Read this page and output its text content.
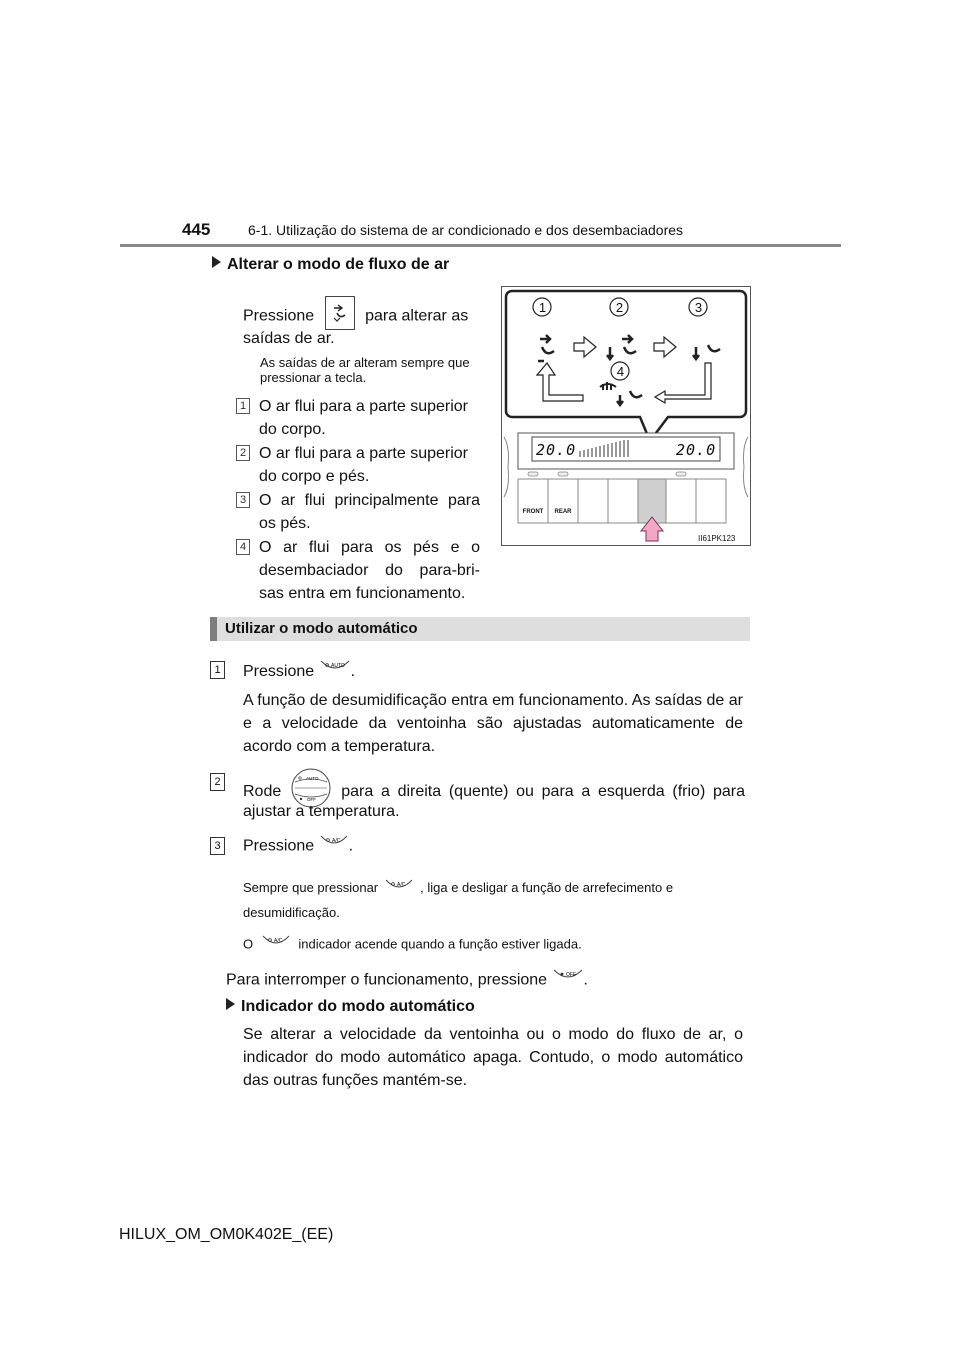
445	6-1. Utilização do sistema de ar condicionado e dos desembaciadores
Alterar o modo de fluxo de ar
Pressione	para alterar as
saídas de ar.
As saídas de ar alteram sempre que pressionar a tecla.
1 O ar flui para a parte superior
do corpo.
2 O ar flui para a parte superior
do corpo e pés.
3 O ar flui principalmente para
os pés.
4 O ar flui para os pés e o
desembaciador do para-bri-
sas entra em funcionamento.
1	2	3
4
20.0	20.0
FRONT	REAR
II61PK123
Utilizar o modo automático
1 Pressione	AUTO .
A função de desumidificação entra em funcionamento. As saídas de ar e a velocidade da ventoinha são ajustadas automaticamente de acordo com a temperatura.
2
Rode
AUTO
OFF para a direita (quente) ou para a esquerda (frio) para
ajustar a temperatura.
3 Pressione	A/C .
Sempre que pressionar	A/C , liga e desligar a função de arrefecimento e
desumidificação.
O	A/C indicador acende quando a função estiver ligada.
Para interromper o funcionamento, pressione	OFF .
Indicador do modo automático
Se alterar a velocidade da ventoinha ou o modo do fluxo de ar, o indicador do modo automático apaga. Contudo, o modo automático das outras funções mantém-se.
HILUX_OM_OM0K402E_(EE)
